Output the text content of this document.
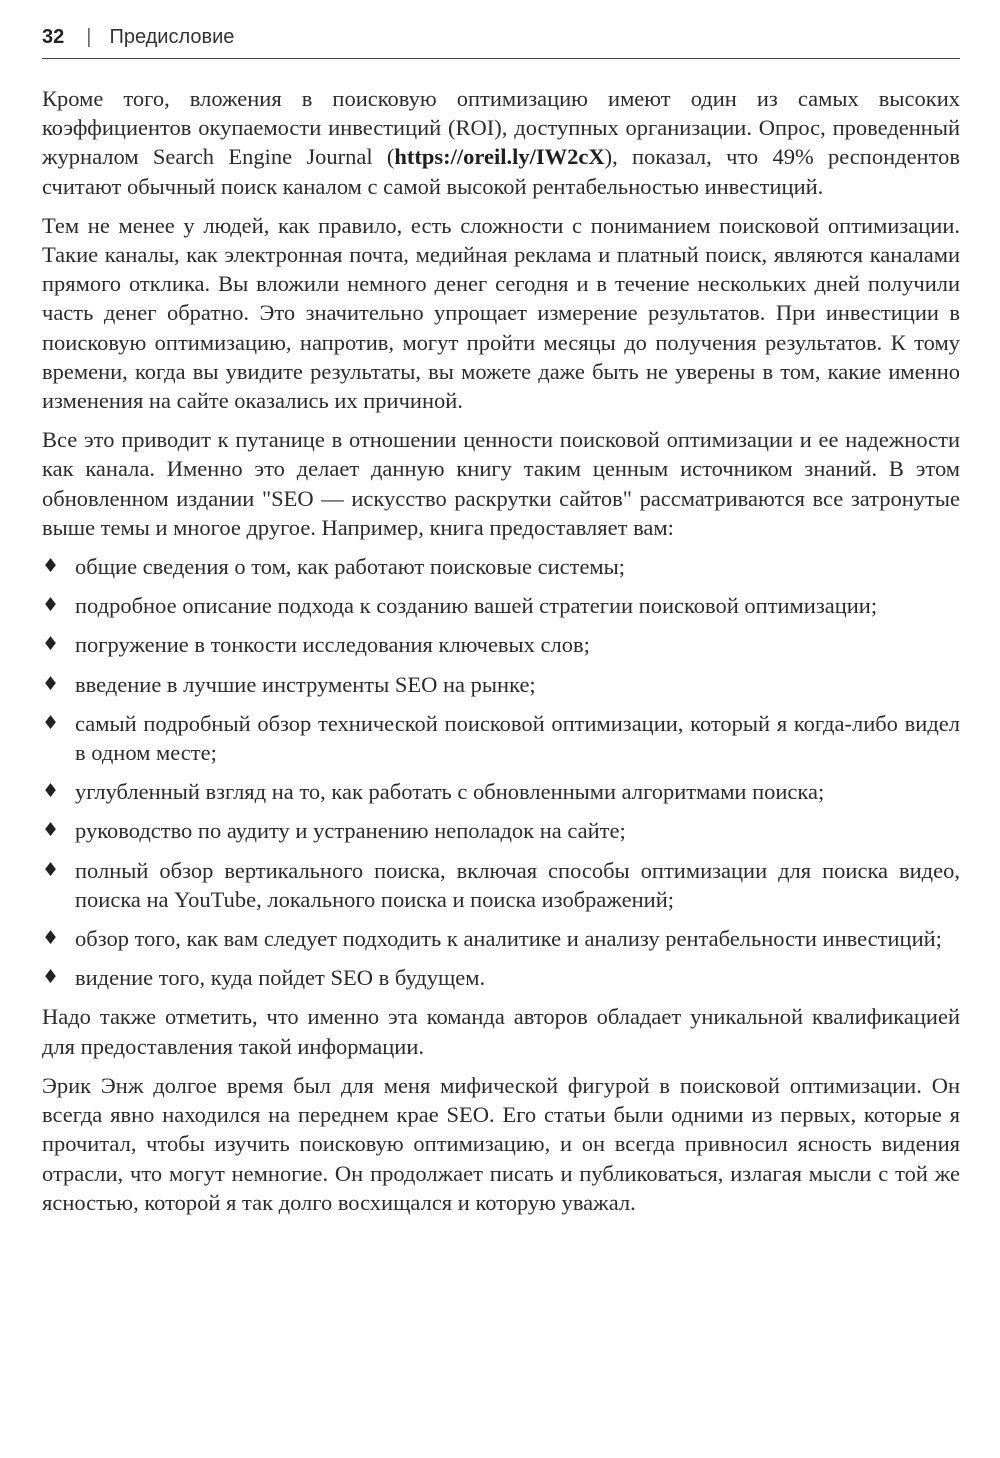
32 | Предисловие

Кроме того, вложения в поисковую оптимизацию имеют один из самых высоких коэффициентов окупаемости инвестиций (ROI), доступных организации. Опрос, проведенный журналом Search Engine Journal (https://oreil.ly/IW2cX), показал, что 49% респондентов считают обычный поиск каналом с самой высокой рентабельностью инвестиций.

Тем не менее у людей, как правило, есть сложности с пониманием поисковой оптимизации. Такие каналы, как электронная почта, медийная реклама и платный поиск, являются каналами прямого отклика. Вы вложили немного денег сегодня и в течение нескольких дней получили часть денег обратно. Это значительно упрощает измерение результатов. При инвестиции в поисковую оптимизацию, напротив, могут пройти месяцы до получения результатов. К тому времени, когда вы увидите результаты, вы можете даже быть не уверены в том, какие именно изменения на сайте оказались их причиной.

Все это приводит к путанице в отношении ценности поисковой оптимизации и ее надежности как канала. Именно это делает данную книгу таким ценным источником знаний. В этом обновленном издании "SEO — искусство раскрутки сайтов" рассматриваются все затронутые выше темы и многое другое. Например, книга предоставляет вам:

♦ общие сведения о том, как работают поисковые системы;
♦ подробное описание подхода к созданию вашей стратегии поисковой оптимизации;
♦ погружение в тонкости исследования ключевых слов;
♦ введение в лучшие инструменты SEO на рынке;
♦ самый подробный обзор технической поисковой оптимизации, который я когда-либо видел в одном месте;
♦ углубленный взгляд на то, как работать с обновленными алгоритмами поиска;
♦ руководство по аудиту и устранению неполадок на сайте;
♦ полный обзор вертикального поиска, включая способы оптимизации для поиска видео, поиска на YouTube, локального поиска и поиска изображений;
♦ обзор того, как вам следует подходить к аналитике и анализу рентабельности инвестиций;
♦ видение того, куда пойдет SEO в будущем.

Надо также отметить, что именно эта команда авторов обладает уникальной квалификацией для предоставления такой информации.

Эрик Энж долгое время был для меня мифической фигурой в поисковой оптимизации. Он всегда явно находился на переднем крае SEO. Его статьи были одними из первых, которые я прочитал, чтобы изучить поисковую оптимизацию, и он всегда привносил ясность видения отрасли, что могут немногие. Он продолжает писать и публиковаться, излагая мысли с той же ясностью, которой я так долго восхищался и которую уважал.
